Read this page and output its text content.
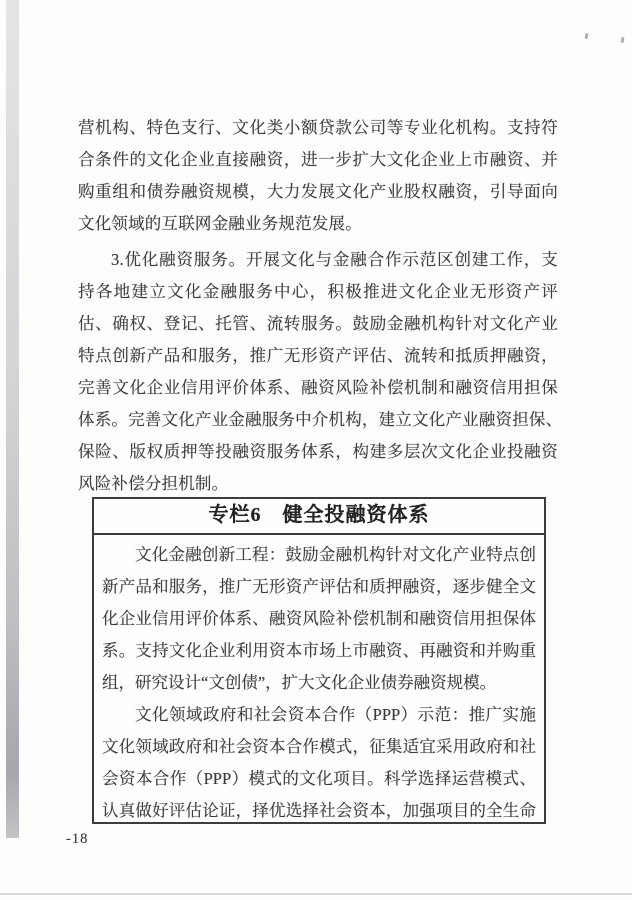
营机构、特色支行、文化类小额贷款公司等专业化机构。支持符
合条件的文化企业直接融资，进一步扩大文化企业上市融资、并
购重组和债券融资规模，大力发展文化产业股权融资，引导面向
文化领域的互联网金融业务规范发展。
3.优化融资服务。开展文化与金融合作示范区创建工作，支
持各地建立文化金融服务中心，积极推进文化企业无形资产评
估、确权、登记、托管、流转服务。鼓励金融机构针对文化产业
特点创新产品和服务，推广无形资产评估、流转和抵质押融资，
完善文化企业信用评价体系、融资风险补偿机制和融资信用担保
体系。完善文化产业金融服务中介机构，建立文化产业融资担保、
保险、版权质押等投融资服务体系，构建多层次文化企业投融资
风险补偿分担机制。
专栏6　健全投融资体系
文化金融创新工程：鼓励金融机构针对文化产业特点创
新产品和服务，推广无形资产评估和质押融资，逐步健全文
化企业信用评价体系、融资风险补偿机制和融资信用担保体
系。支持文化企业利用资本市场上市融资、再融资和并购重
组，研究设计“文创债”，扩大文化企业债券融资规模。
文化领域政府和社会资本合作（PPP）示范：推广实施
文化领域政府和社会资本合作模式，征集适宜采用政府和社
会资本合作（PPP）模式的文化项目。科学选择运营模式、
认真做好评估论证，择优选择社会资本，加强项目的全生命
-18
